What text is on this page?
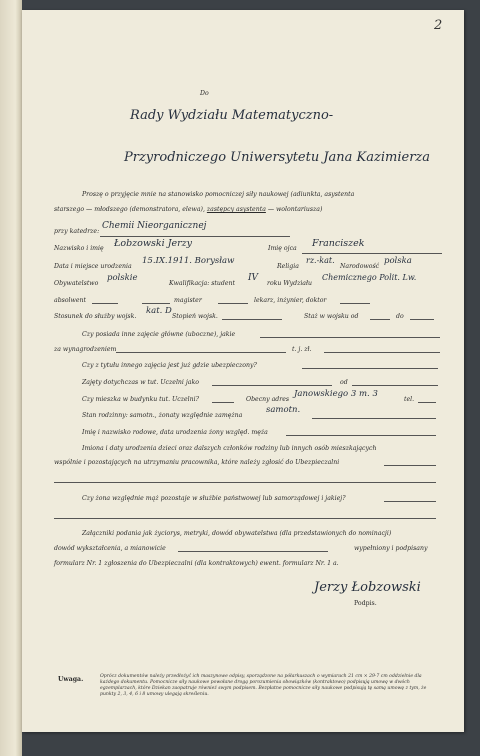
2
Do
Rady Wydziału Matematyczno-
Przyrodniczego Uniwersytetu Jana Kazimierza
Proszę o przyjęcie mnie na stanowisko pomocniczej siły naukowej (adiunkta, asystenta
starszego — młodszego (demonstratora, elewa), zastępcy asystenta — wolontariusza)
przy katedrze:
Chemii Nieorganicznej
Nazwisko i imię Łobzowski Jerzy	Imię ojca Franciszek
Data i miejsce urodzenia
15.IX.1911. Borysław
Religia
rz.-kat.
Narodowość
polska
Obywatelstwo
polskie
Kwalifikacja: student
IV
roku Wydziału
Chemicznego Polit. Lw.
absolwent	magister	lekarz, inżynier, doktor
Stosunek do służby wojsk.
kat. D
Stopień wojsk.	Staż w wojsku od	do
Czy posiada inne zajęcie główne (uboczne), jakie
za wynagrodzeniem	t. j. zł.
Czy z tytułu innego zajęcia jest już gdzie ubezpieczony?
Zajęty dotychczas w tut. Uczelni jako	od
Czy mieszka w budynku tut. Uczelni?	Obecny adres
Janowskiego 3 m. 3
tel.
Stan rodzinny: samotn., żonaty względnie zamężna
samotn.
Imię i nazwisko rodowe, data urodzenia żony względ. męża
Imiona i daty urodzenia dzieci oraz dalszych członków rodziny lub innych osób mieszkających
wspólnie i pozostających na utrzymaniu pracownika, które należy zgłosić do Ubezpieczalni
Czy żona względnie mąż pozostaje w służbie państwowej lub samorządowej i jakiej?
Załączniki podania jak życiorys, metryki, dowód obywatelstwa (dla przedstawionych do nominacji)
dowód wykształcenia, a mianowicie	wypełniony i podpisany
formularz Nr. 1 zgłoszenia do Ubezpieczalni (dla kontraktowych) ewent. formularz Nr. 1 a.
Jerzy Łobzowski
Podpis.
Uwaga.	Oprócz dokumentów należy przedłożyć ich maszynowe odpisy, sporządzone na półarkuszach o wymiarach 21 cm × 29·7 cm oddzielnie dla każdego dokumentu. Pomocnicze siły naukowe powołane drogą porozumienia obowiązków (kontraktowo) podpisują umowę w dwóch egzemplarzach, które Dziekan zaopatruje również swym podpisem. Bezpłatne pomocnicze siły naukowe podpisują tę samą umowę z tym, że punkty 2, 3, 4, 6 i 8 umowy ulegają skreśleniu.
